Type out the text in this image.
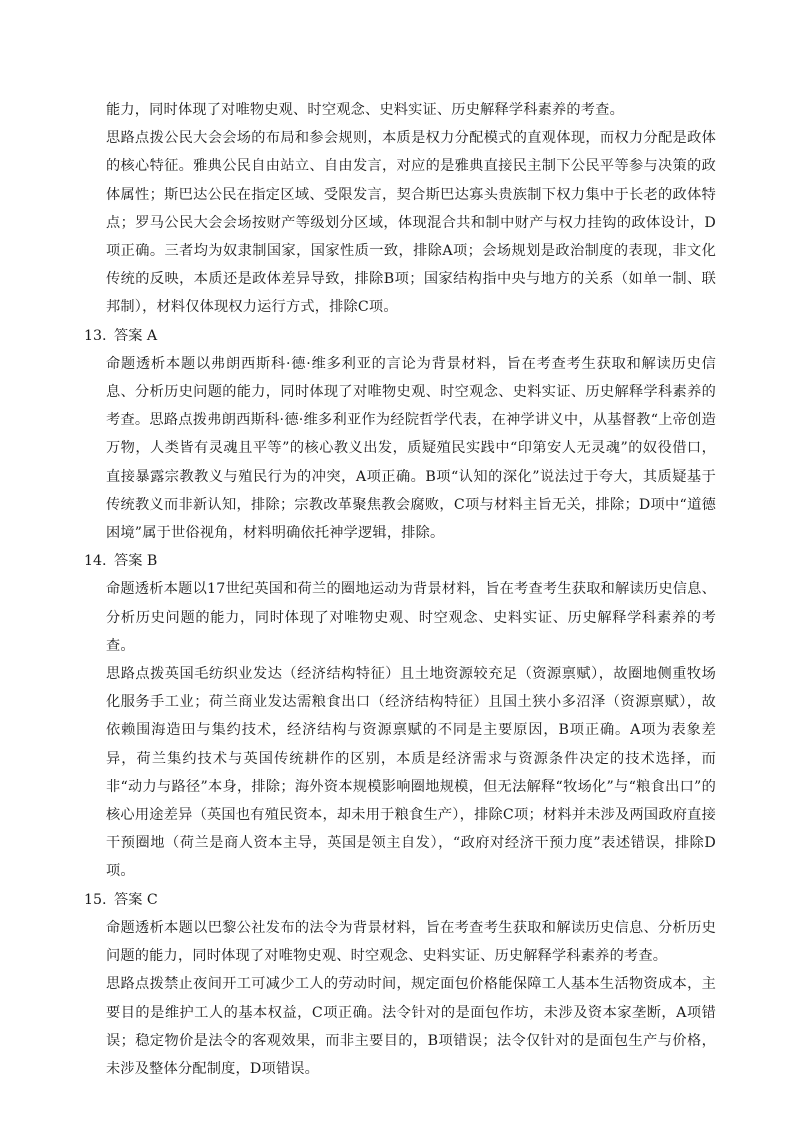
能力，同时体现了对唯物史观、时空观念、史料实证、历史解释学科素养的考查。
思路点拨公民大会会场的布局和参会规则，本质是权力分配模式的直观体现，而权力分配是政体的核心特征。雅典公民自由站立、自由发言，对应的是雅典直接民主制下公民平等参与决策的政体属性；斯巴达公民在指定区域、受限发言，契合斯巴达寡头贵族制下权力集中于长老的政体特点；罗马公民大会会场按财产等级划分区域，体现混合共和制中财产与权力挂钩的政体设计，D项正确。三者均为奴隶制国家，国家性质一致，排除A项；会场规划是政治制度的表现，非文化传统的反映，本质还是政体差异导致，排除B项；国家结构指中央与地方的关系（如单一制、联邦制），材料仅体现权力运行方式，排除C项。
13. 答案 A
命题透析本题以弗朗西斯科·德·维多利亚的言论为背景材料，旨在考查考生获取和解读历史信息、分析历史问题的能力，同时体现了对唯物史观、时空观念、史料实证、历史解释学科素养的考查。思路点拨弗朗西斯科·德·维多利亚作为经院哲学代表，在神学讲义中，从基督教“上帝创造万物，人类皆有灵魂且平等”的核心教义出发，质疑殖民实践中“印第安人无灵魂”的奴役借口，直接暴露宗教教义与殖民行为的冲突，A项正确。B项“认知的深化”说法过于夸大，其质疑基于传统教义而非新认知，排除；宗教改革聚焦教会腐败，C项与材料主旨无关，排除；D项中“道德困境”属于世俗视角，材料明确依托神学逻辑，排除。
14. 答案 B
命题透析本题以17世纪英国和荷兰的圈地运动为背景材料，旨在考查考生获取和解读历史信息、分析历史问题的能力，同时体现了对唯物史观、时空观念、史料实证、历史解释学科素养的考查。
思路点拨英国毛纺织业发达（经济结构特征）且土地资源较充足（资源禀赋），故圈地侧重牧场化服务手工业；荷兰商业发达需粮食出口（经济结构特征）且国土狭小多沼泽（资源禀赋），故依赖围海造田与集约技术，经济结构与资源禀赋的不同是主要原因，B项正确。A项为表象差异，荷兰集约技术与英国传统耕作的区别，本质是经济需求与资源条件决定的技术选择，而非“动力与路径”本身，排除；海外资本规模影响圈地规模，但无法解释“牧场化”与“粮食出口”的核心用途差异（英国也有殖民资本，却未用于粮食生产），排除C项；材料并未涉及两国政府直接干预圈地（荷兰是商人资本主导，英国是领主自发），“政府对经济干预力度”表述错误，排除D项。
15. 答案 C
命题透析本题以巴黎公社发布的法令为背景材料，旨在考查考生获取和解读历史信息、分析历史问题的能力，同时体现了对唯物史观、时空观念、史料实证、历史解释学科素养的考查。
思路点拨禁止夜间开工可减少工人的劳动时间，规定面包价格能保障工人基本生活物资成本，主要目的是维护工人的基本权益，C项正确。法令针对的是面包作坊，未涉及资本家垄断，A项错误；稳定物价是法令的客观效果，而非主要目的，B项错误；法令仅针对的是面包生产与价格，未涉及整体分配制度，D项错误。
